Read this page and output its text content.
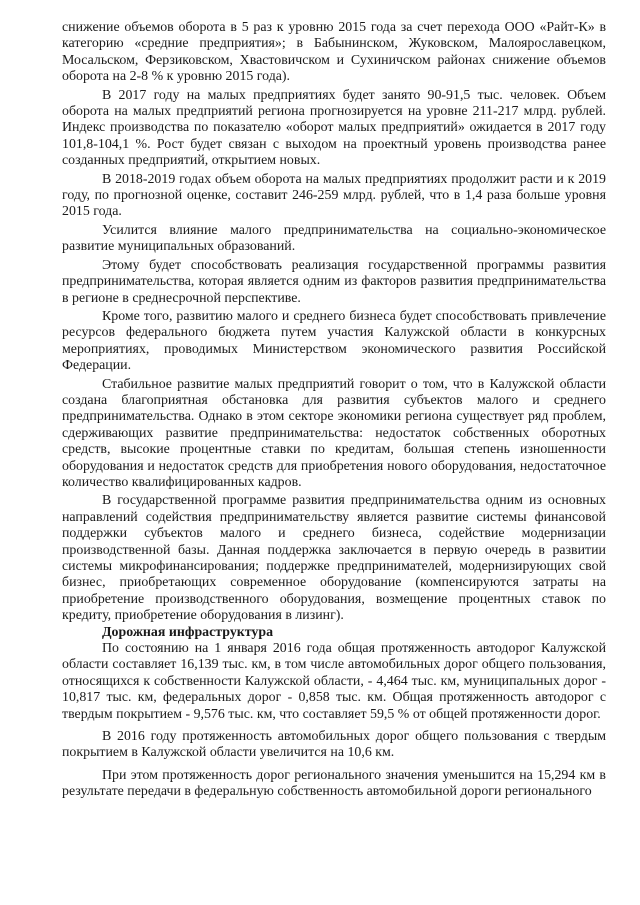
снижение объемов оборота в 5 раз к уровню 2015 года за счет перехода ООО «Райт-К» в категорию «средние предприятия»; в Бабынинском, Жуковском, Малоярославецком, Мосальском, Ферзиковском, Хвастовичском и Сухиничском районах снижение объемов оборота на 2-8 % к уровню 2015 года).

В 2017 году на малых предприятиях будет занято 90-91,5 тыс. человек. Объем оборота на малых предприятий региона прогнозируется на уровне 211-217 млрд. рублей. Индекс производства по показателю «оборот малых предприятий» ожидается в 2017 году 101,8-104,1 %. Рост будет связан с выходом на проектный уровень производства ранее созданных предприятий, открытием новых.

В 2018-2019 годах объем оборота на малых предприятиях продолжит расти и к 2019 году, по прогнозной оценке, составит 246-259 млрд. рублей, что в 1,4 раза больше уровня 2015 года.

Усилится влияние малого предпринимательства на социально-экономическое развитие муниципальных образований.

Этому будет способствовать реализация государственной программы развития предпринимательства, которая является одним из факторов развития предпринимательства в регионе в среднесрочной перспективе.

Кроме того, развитию малого и среднего бизнеса будет способствовать привлечение ресурсов федерального бюджета путем участия Калужской области в конкурсных мероприятиях, проводимых Министерством экономического развития Российской Федерации.

Стабильное развитие малых предприятий говорит о том, что в Калужской области создана благоприятная обстановка для развития субъектов малого и среднего предпринимательства. Однако в этом секторе экономики региона существует ряд проблем, сдерживающих развитие предпринимательства: недостаток собственных оборотных средств, высокие процентные ставки по кредитам, большая степень изношенности оборудования и недостаток средств для приобретения нового оборудования, недостаточное количество квалифицированных кадров.

В государственной программе развития предпринимательства одним из основных направлений содействия предпринимательству является развитие системы финансовой поддержки субъектов малого и среднего бизнеса, содействие модернизации производственной базы. Данная поддержка заключается в первую очередь в развитии системы микрофинансирования; поддержке предпринимателей, модернизирующих свой бизнес, приобретающих современное оборудование (компенсируются затраты на приобретение производственного оборудования, возмещение процентных ставок по кредиту, приобретение оборудования в лизинг).

Дорожная инфраструктура

По состоянию на 1 января 2016 года общая протяженность автодорог Калужской области составляет 16,139 тыс. км, в том числе автомобильных дорог общего пользования, относящихся к собственности Калужской области, - 4,464 тыс. км, муниципальных дорог - 10,817 тыс. км, федеральных дорог - 0,858 тыс. км. Общая протяженность автодорог с твердым покрытием - 9,576 тыс. км, что составляет 59,5 % от общей протяженности дорог.

В 2016 году протяженность автомобильных дорог общего пользования с твердым покрытием в Калужской области увеличится на 10,6 км.

При этом протяженность дорог регионального значения уменьшится на 15,294 км в результате передачи в федеральную собственность автомобильной дороги регионального
